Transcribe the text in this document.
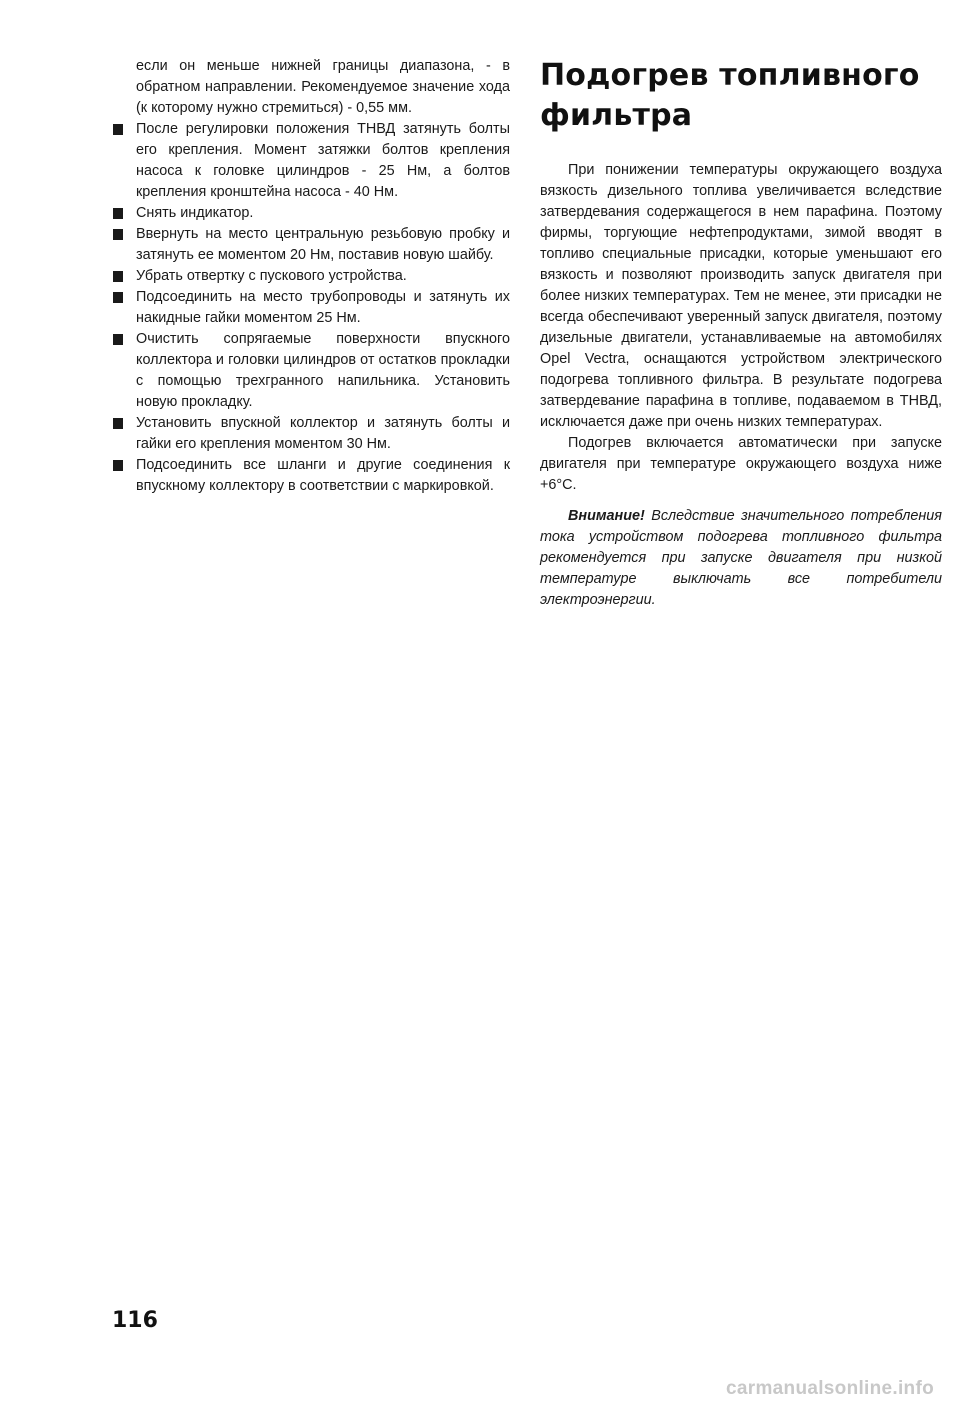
если он меньше нижней границы диапазона, - в обратном направлении. Рекомендуемое значение хода (к которому нужно стремиться) - 0,55 мм.

После регулировки положения ТНВД затянуть болты его крепления. Момент затяжки болтов крепления насоса к головке цилиндров - 25 Нм, а болтов крепления кронштейна насоса - 40 Нм.
Снять индикатор.
Ввернуть на место центральную резьбовую пробку и затянуть ее моментом 20 Нм, поставив новую шайбу.
Убрать отвертку с пускового устройства.
Подсоединить на место трубопроводы и затянуть их накидные гайки моментом 25 Нм.
Очистить сопрягаемые поверхности впускного коллектора и головки цилиндров от остатков прокладки с помощью трехгранного напильника. Установить новую прокладку.
Установить впускной коллектор и затянуть болты и гайки его крепления моментом 30 Нм.
Подсоединить все шланги и другие соединения к впускному коллектору в соответствии с маркировкой.
Подогрев топливного фильтра

При понижении температуры окружающего воздуха вязкость дизельного топлива увеличивается вследствие затвердевания содержащегося в нем парафина. Поэтому фирмы, торгующие нефтепродуктами, зимой вводят в топливо специальные присадки, которые уменьшают его вязкость и позволяют производить запуск двигателя при более низких температурах. Тем не менее, эти присадки не всегда обеспечивают уверенный запуск двигателя, поэтому дизельные двигатели, устанавливаемые на автомобилях Opel Vectra, оснащаются устройством электрического подогрева топливного фильтра. В результате подогрева затвердевание парафина в топливе, подаваемом в ТНВД, исключается даже при очень низких температурах.

Подогрев включается автоматически при запуске двигателя при температуре окружающего воздуха ниже +6°С.

Внимание! Вследствие значительного потребления тока устройством подогрева топливного фильтра рекомендуется при запуске двигателя при низкой температуре выключать все потребители электроэнергии.

116
carmanualsonline.info
